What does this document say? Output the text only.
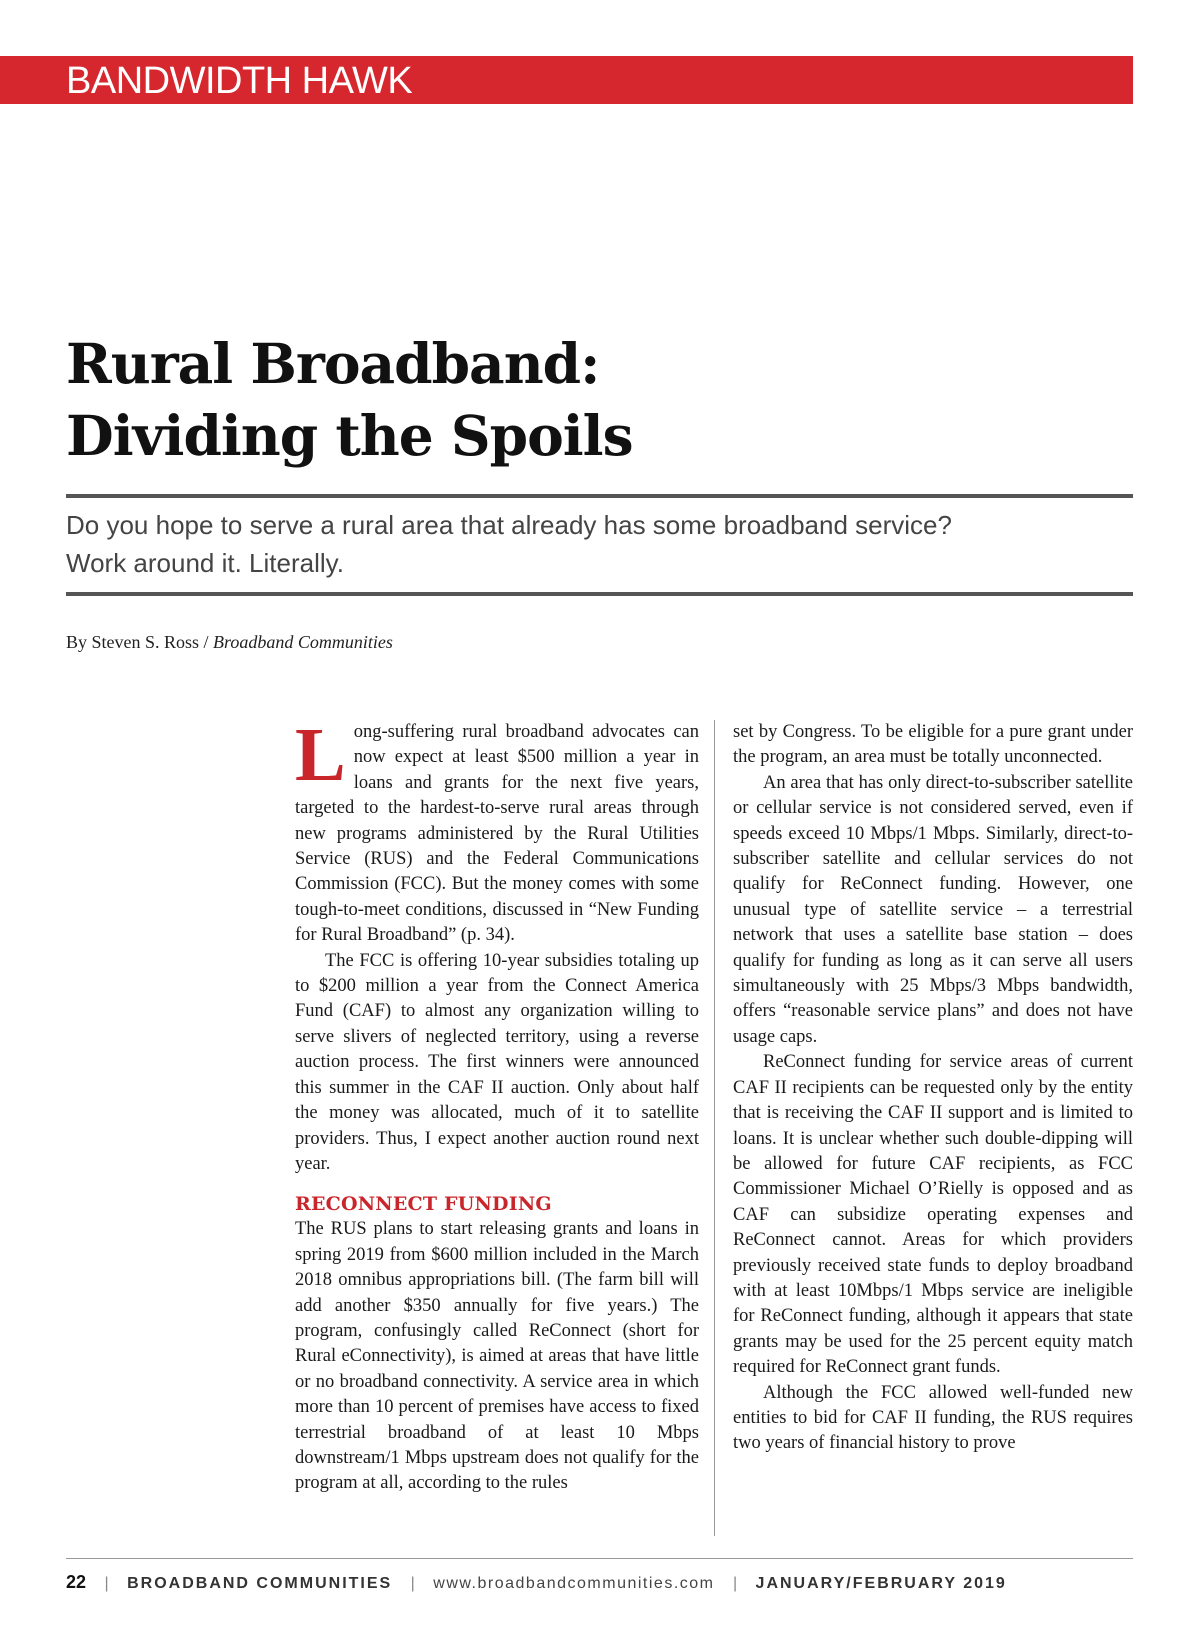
BANDWIDTH HAWK
Rural Broadband:
Dividing the Spoils
Do you hope to serve a rural area that already has some broadband service?
Work around it. Literally.
By Steven S. Ross / Broadband Communities

Long-suffering rural broadband advocates can now expect at least $500 million a year in loans and grants for the next five years, targeted to the hardest-to-serve rural areas through new programs administered by the Rural Utilities Service (RUS) and the Federal Communications Commission (FCC). But the money comes with some tough-to-meet conditions, discussed in “New Funding for Rural Broadband” (p. 34).

The FCC is offering 10-year subsidies totaling up to $200 million a year from the Connect America Fund (CAF) to almost any organization willing to serve slivers of neglected territory, using a reverse auction process. The first winners were announced this summer in the CAF II auction. Only about half the money was allocated, much of it to satellite providers. Thus, I expect another auction round next year.

RECONNECT FUNDING

The RUS plans to start releasing grants and loans in spring 2019 from $600 million included in the March 2018 omnibus appropriations bill. (The farm bill will add another $350 annually for five years.) The program, confusingly called ReConnect (short for Rural eConnectivity), is aimed at areas that have little or no broadband connectivity. A service area in which more than 10 percent of premises have access to fixed terrestrial broadband of at least 10 Mbps downstream/1 Mbps upstream does not qualify for the program at all, according to the rules

set by Congress. To be eligible for a pure grant under the program, an area must be totally unconnected.

An area that has only direct-to-subscriber satellite or cellular service is not considered served, even if speeds exceed 10 Mbps/1 Mbps. Similarly, direct-to-subscriber satellite and cellular services do not qualify for ReConnect funding. However, one unusual type of satellite service – a terrestrial network that uses a satellite base station – does qualify for funding as long as it can serve all users simultaneously with 25 Mbps/3 Mbps bandwidth, offers “reasonable service plans” and does not have usage caps.

ReConnect funding for service areas of current CAF II recipients can be requested only by the entity that is receiving the CAF II support and is limited to loans. It is unclear whether such double-dipping will be allowed for future CAF recipients, as FCC Commissioner Michael O’Rielly is opposed and as CAF can subsidize operating expenses and ReConnect cannot. Areas for which providers previously received state funds to deploy broadband with at least 10Mbps/1 Mbps service are ineligible for ReConnect funding, although it appears that state grants may be used for the 25 percent equity match required for ReConnect grant funds.

Although the FCC allowed well-funded new entities to bid for CAF II funding, the RUS requires two years of financial history to prove

22 | BROADBAND COMMUNITIES | www.broadbandcommunities.com | JANUARY/FEBRUARY 2019
